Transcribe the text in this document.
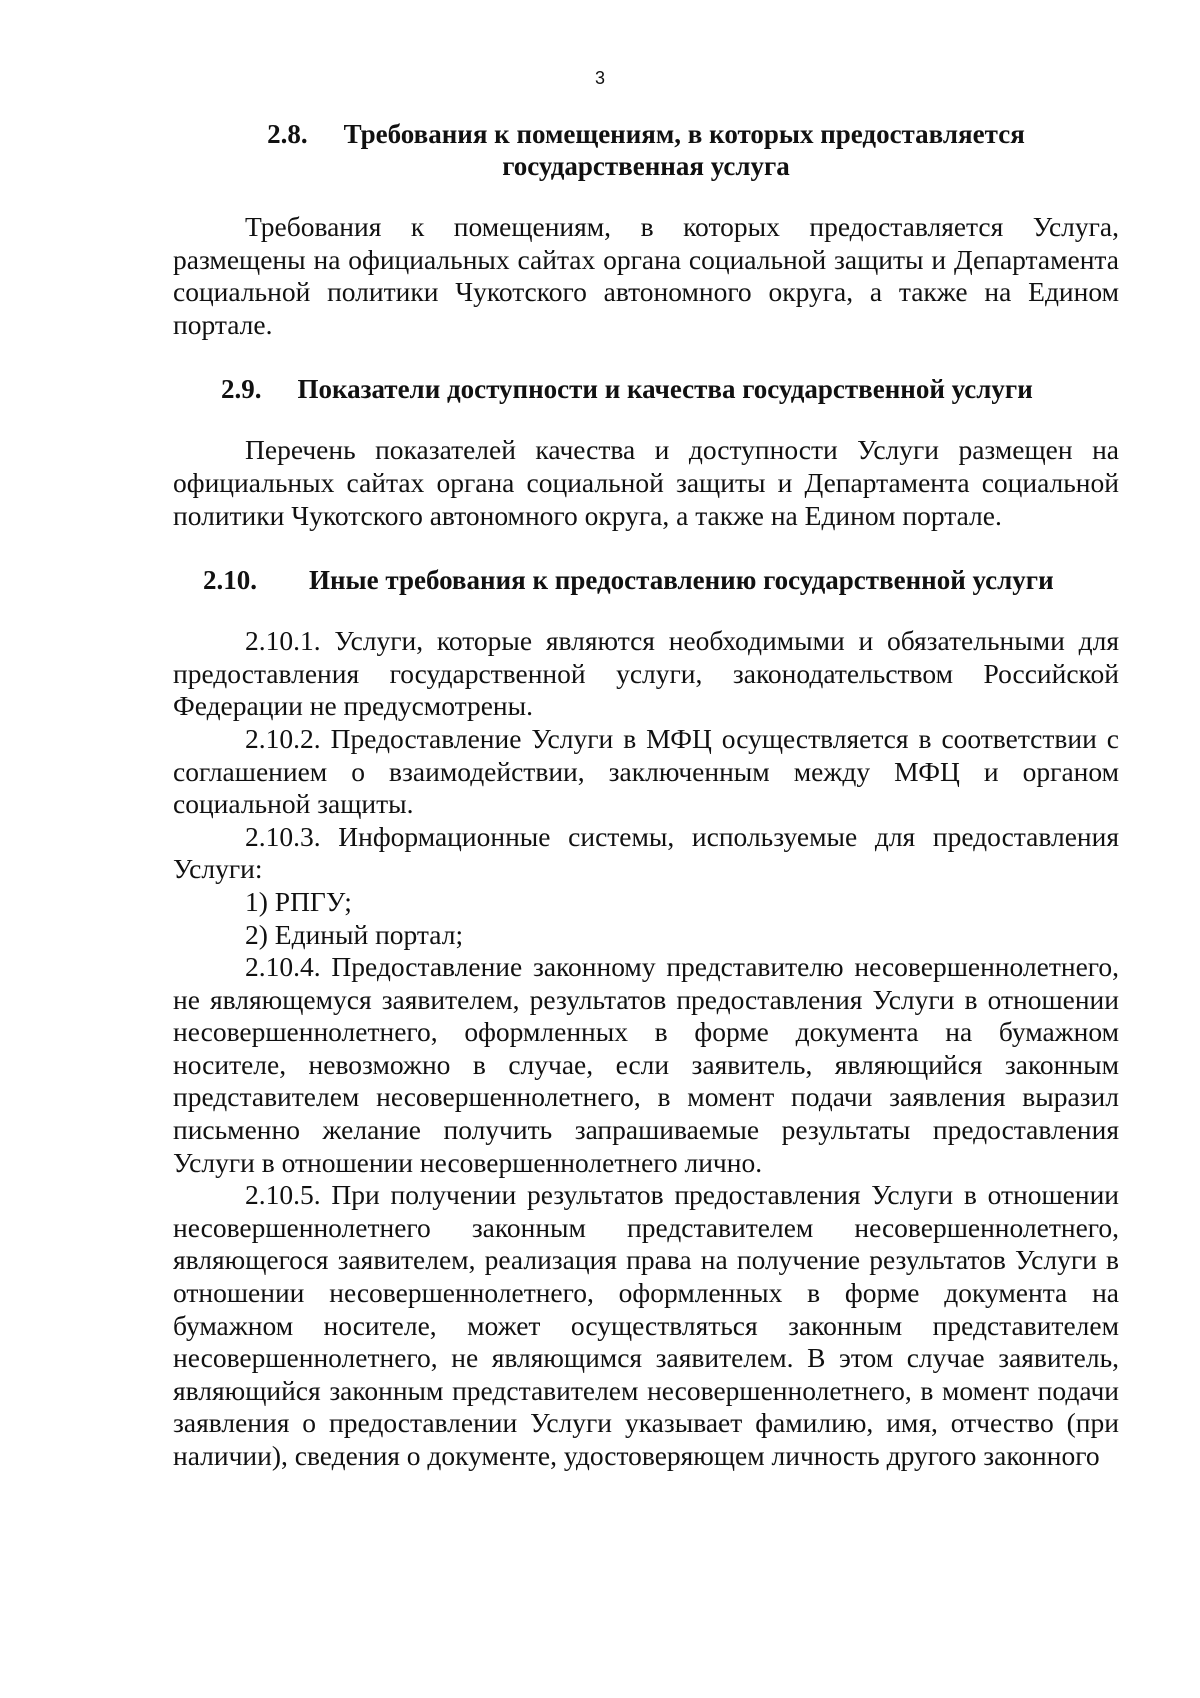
3
2.8. Требования к помещениям, в которых предоставляется
государственная услуга

Требования к помещениям, в которых предоставляется Услуга, размещены на официальных сайтах органа социальной защиты и Департамента социальной политики Чукотского автономного округа, а также на Едином портале.

2.9. Показатели доступности и качества государственной услуги

Перечень показателей качества и доступности Услуги размещен на официальных сайтах органа социальной защиты и Департамента социальной политики Чукотского автономного округа, а также на Едином портале.

2.10. Иные требования к предоставлению государственной услуги

2.10.1. Услуги, которые являются необходимыми и обязательными для предоставления государственной услуги, законодательством Российской Федерации не предусмотрены.

2.10.2. Предоставление Услуги в МФЦ осуществляется в соответствии с соглашением о взаимодействии, заключенным между МФЦ и органом социальной защиты.

2.10.3. Информационные системы, используемые для предоставления Услуги:

1) РПГУ;

2) Единый портал;

2.10.4. Предоставление законному представителю несовершеннолетнего, не являющемуся заявителем, результатов предоставления Услуги в отношении несовершеннолетнего, оформленных в форме документа на бумажном носителе, невозможно в случае, если заявитель, являющийся законным представителем несовершеннолетнего, в момент подачи заявления выразил письменно желание получить запрашиваемые результаты предоставления Услуги в отношении несовершеннолетнего лично.

2.10.5. При получении результатов предоставления Услуги в отношении несовершеннолетнего законным представителем несовершеннолетнего, являющегося заявителем, реализация права на получение результатов Услуги в отношении несовершеннолетнего, оформленных в форме документа на бумажном носителе, может осуществляться законным представителем несовершеннолетнего, не являющимся заявителем. В этом случае заявитель, являющийся законным представителем несовершеннолетнего, в момент подачи заявления о предоставлении Услуги указывает фамилию, имя, отчество (при наличии), сведения о документе, удостоверяющем личность другого законного
